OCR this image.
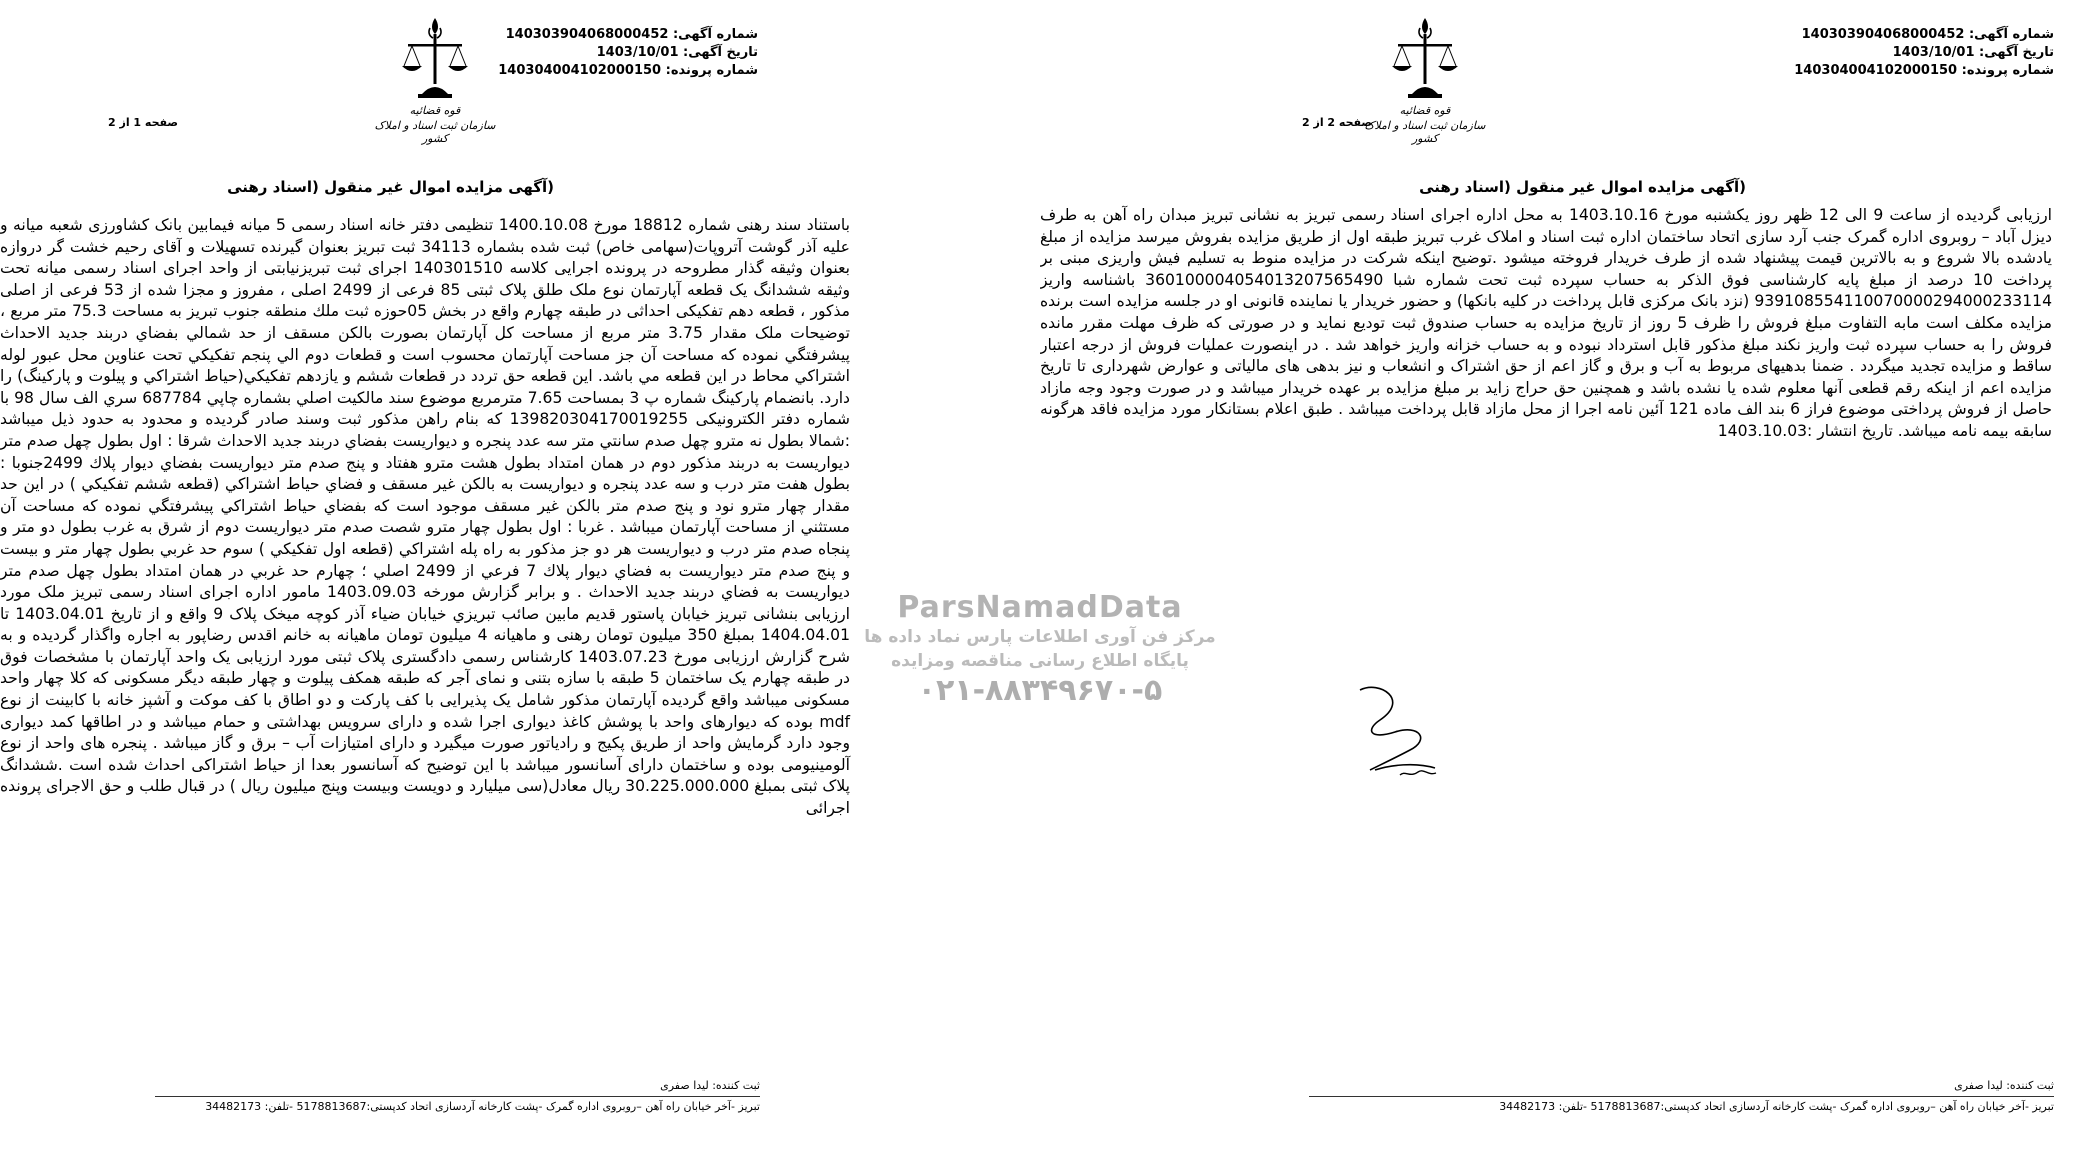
شماره آگهی: 140303904068000452
تاریخ آگهی: 1403/10/01
شماره پرونده: 140304004102000150
قوه قضائیه
سازمان ثبت اسناد و املاک کشور
صفحه 2 از 2
(آگهی مزایده اموال غیر منقول (اسناد رهنی
ارزیابی گردیده از ساعت 9 الی 12 ظهر روز یکشنبه مورخ 1403.10.16 به محل اداره اجرای اسناد رسمی تبریز به نشانی تبریز مبدان راه آهن به طرف دیزل آباد – روبروی اداره گمرک جنب آرد سازی اتحاد ساختمان اداره ثبت اسناد و املاک غرب تبریز طبقه اول از طریق مزایده بفروش میرسد مزایده از مبلغ یادشده بالا شروع و به بالاترین قیمت پیشنهاد شده از طرف خریدار فروخته میشود .توضیح اینکه شرکت در مزایده منوط به تسلیم فیش واریزی مبنی بر پرداخت 10 درصد از مبلغ پایه کارشناسی فوق الذکر به حساب سپرده ثبت تحت شماره شبا 360100004054013207565490 باشناسه واریز 939108554110070000294000233114 (نزد بانک مرکزی قابل پرداخت در کلیه بانکها) و حضور خریدار یا نماینده قانونی او در جلسه مزایده است برنده مزایده مکلف است مابه التفاوت مبلغ فروش را ظرف 5 روز از تاریخ مزایده به حساب صندوق ثبت تودیع نماید و در صورتی که ظرف مهلت مقرر مانده فروش را به حساب سپرده ثبت واریز نکند مبلغ مذکور قابل استرداد نبوده و به حساب خزانه واریز خواهد شد . در اینصورت عملیات فروش از درجه اعتبار ساقط و مزایده تجدید میگردد . ضمنا بدهیهای مربوط به آب و برق و گاز اعم از حق اشتراک و انشعاب و نیز بدهی های مالیاتی و عوارض شهرداری تا تاریخ مزایده اعم از اینکه رقم قطعی آنها معلوم شده یا نشده باشد و همچنین حق حراج زاید بر مبلغ مزایده بر عهده خریدار میباشد و در صورت وجود وجه مازاد حاصل از فروش پرداختی موضوع فراز 6 بند الف ماده 121 آئین نامه اجرا از محل مازاد قابل پرداخت میباشد . طبق اعلام بستانکار مورد مزایده فاقد هرگونه سابقه بیمه نامه میباشد. تاریخ انتشار :1403.10.03
ثبت کننده: لیدا صفری
تبریز -آخر خیابان راه آهن –روبروی اداره گمرک -پشت کارخانه آردسازی اتحاد کدپستی:5178813687 -تلفن: 34482173
شماره آگهی: 140303904068000452
تاریخ آگهی: 1403/10/01
شماره پرونده: 140304004102000150
قوه قضائیه
سازمان ثبت اسناد و املاک کشور
صفحه 1 از 2
(آگهی مزایده اموال غیر منقول (اسناد رهنی
باستناد سند رهنی شماره 18812 مورخ 1400.10.08 تنظیمی دفتر خانه اسناد رسمی 5 میانه فیمابین بانک کشاورزی شعبه میانه و علیه آذر گوشت آتروپات(سهامی خاص) ثبت شده بشماره 34113 ثبت تبریز بعنوان گیرنده تسهیلات و آقای رحیم خشت گر دروازه بعنوان وثیقه گذار مطروحه در پرونده اجرایی کلاسه 140301510 اجرای ثبت تبریزنیابتی از واحد اجرای اسناد رسمی میانه تحت وثیقه ششدانگ یک قطعه آپارتمان نوع ملک طلق پلاک ثبتی 85 فرعی از 2499 اصلی ، مفروز و مجزا شده از 53 فرعی از اصلی مذکور ، قطعه دهم تفکیکی احداثی در طبقه چهارم واقع در بخش 05حوزه ثبت ملك منطقه جنوب تبريز به مساحت 75.3 متر مربع ، توضيحات ملک مقدار 3.75 متر مربع از مساحت كل آپارتمان بصورت بالكن مسقف از حد شمالي بفضاي دربند جديد الاحداث پيشرفتگي نموده كه مساحت آن جز مساحت آپارتمان محسوب است و قطعات دوم الي پنجم تفکيکي تحت عناوين محل عبور لوله اشتراكي محاط در اين قطعه مي باشد. اين قطعه حق تردد در قطعات ششم و يازدهم تفكيكي(حياط اشتراكي و پيلوت و پاركينگ) را دارد. بانضمام پاركينگ شماره پ 3 بمساحت 7.65 مترمربع موضوع سند مالكيت اصلي بشماره چاپي 687784 سري الف سال 98 با شماره دفتر الکترونیکی 139820304170019255 که بنام راهن مذکور ثبت وسند صادر گردیده و محدود به حدود ذیل میباشد :شمالا بطول نه مترو چهل صدم سانتي متر سه عدد پنجره و ديواريست بفضاي دربند جديد الاحداث شرقا : اول بطول چهل صدم متر ديواريست به دربند مذكور دوم در همان امتداد بطول هشت مترو هفتاد و پنج صدم متر ديواريست بفضاي ديوار پلاك 2499جنوبا : بطول هفت متر درب و سه عدد پنجره و ديواريست به بالكن غير مسقف و فضاي حياط اشتراكي (قطعه ششم تفكيكي ) در اين حد مقدار چهار مترو نود و پنج صدم متر بالكن غير مسقف موجود است كه بفضاي حياط اشتراكي پيشرفتگي نموده كه مساحت آن مستثني از مساحت آپارتمان ميباشد . غربا : اول بطول چهار مترو شصت صدم متر ديواريست دوم از شرق به غرب بطول دو متر و پنجاه صدم متر درب و ديواريست هر دو جز مذكور به راه پله اشتراكي (قطعه اول تفكيكي ) سوم حد غربي بطول چهار متر و بيست و پنج صدم متر ديواريست به فضاي ديوار پلاك 7 فرعي از 2499 اصلي ؛ چهارم حد غربي در همان امتداد بطول چهل صدم متر ديواريست به فضاي دربند جديد الاحداث . و برابر گزارش مورخه 1403.09.03 مامور اداره اجرای اسناد رسمی تبریز ملک مورد ارزیابی بنشانی تبریز خیابان پاستور قدیم مابین صائب تبریزي خیابان ضیاء آذر کوچه میخک پلاک 9 واقع و از تاریخ 1403.04.01 تا 1404.04.01 بمبلغ 350 میلیون تومان رهنی و ماهیانه 4 میلیون تومان ماهیانه به خانم اقدس رضاپور به اجاره واگذار گردیده و به شرح گزارش ارزیابی مورخ 1403.07.23 کارشناس رسمی دادگستری پلاک ثبتی مورد ارزیابی یک واحد آپارتمان با مشخصات فوق در طبقه چهارم یک ساختمان 5 طبقه با سازه بتنی و نمای آجر که طبقه همکف پیلوت و چهار طبقه دیگر مسکونی که کلا چهار واحد مسکونی میباشد واقع گردیده آپارتمان مذکور شامل یک پذیرایی با کف پارکت و دو اطاق با کف موکت و آشپز خانه با کابینت از نوع mdf بوده که دیوارهای واحد با پوشش کاغذ دیواری اجرا شده و دارای سرویس بهداشتی و حمام میباشد و در اطاقها کمد دیواری وجود دارد گرمایش واحد از طریق پکیج و رادیاتور صورت میگیرد و دارای امتیازات آب – برق و گاز میباشد . پنجره های واحد از نوع آلومینیومی بوده و ساختمان دارای آسانسور میباشد با این توضیح که آسانسور بعدا از حیاط اشتراکی احداث شده است .ششدانگ پلاک ثبتی بمبلغ 30.225.000.000 ریال معادل(سی میلیارد و دویست وبیست وپنج میلیون ریال ) در قبال طلب و حق الاجرای پرونده اجرائی
ثبت کننده: لیدا صفری
تبریز -آخر خیابان راه آهن –روبروی اداره گمرک -پشت کارخانه آردسازی اتحاد کدپستی:5178813687 -تلفن: 34482173
ParsNamadData
مرکز فن آوری اطلاعات پارس نماد داده ها
پایگاه اطلاع رسانی مناقصه ومزایده
۰۲۱-۸۸۳۴۹۶۷۰-۵
